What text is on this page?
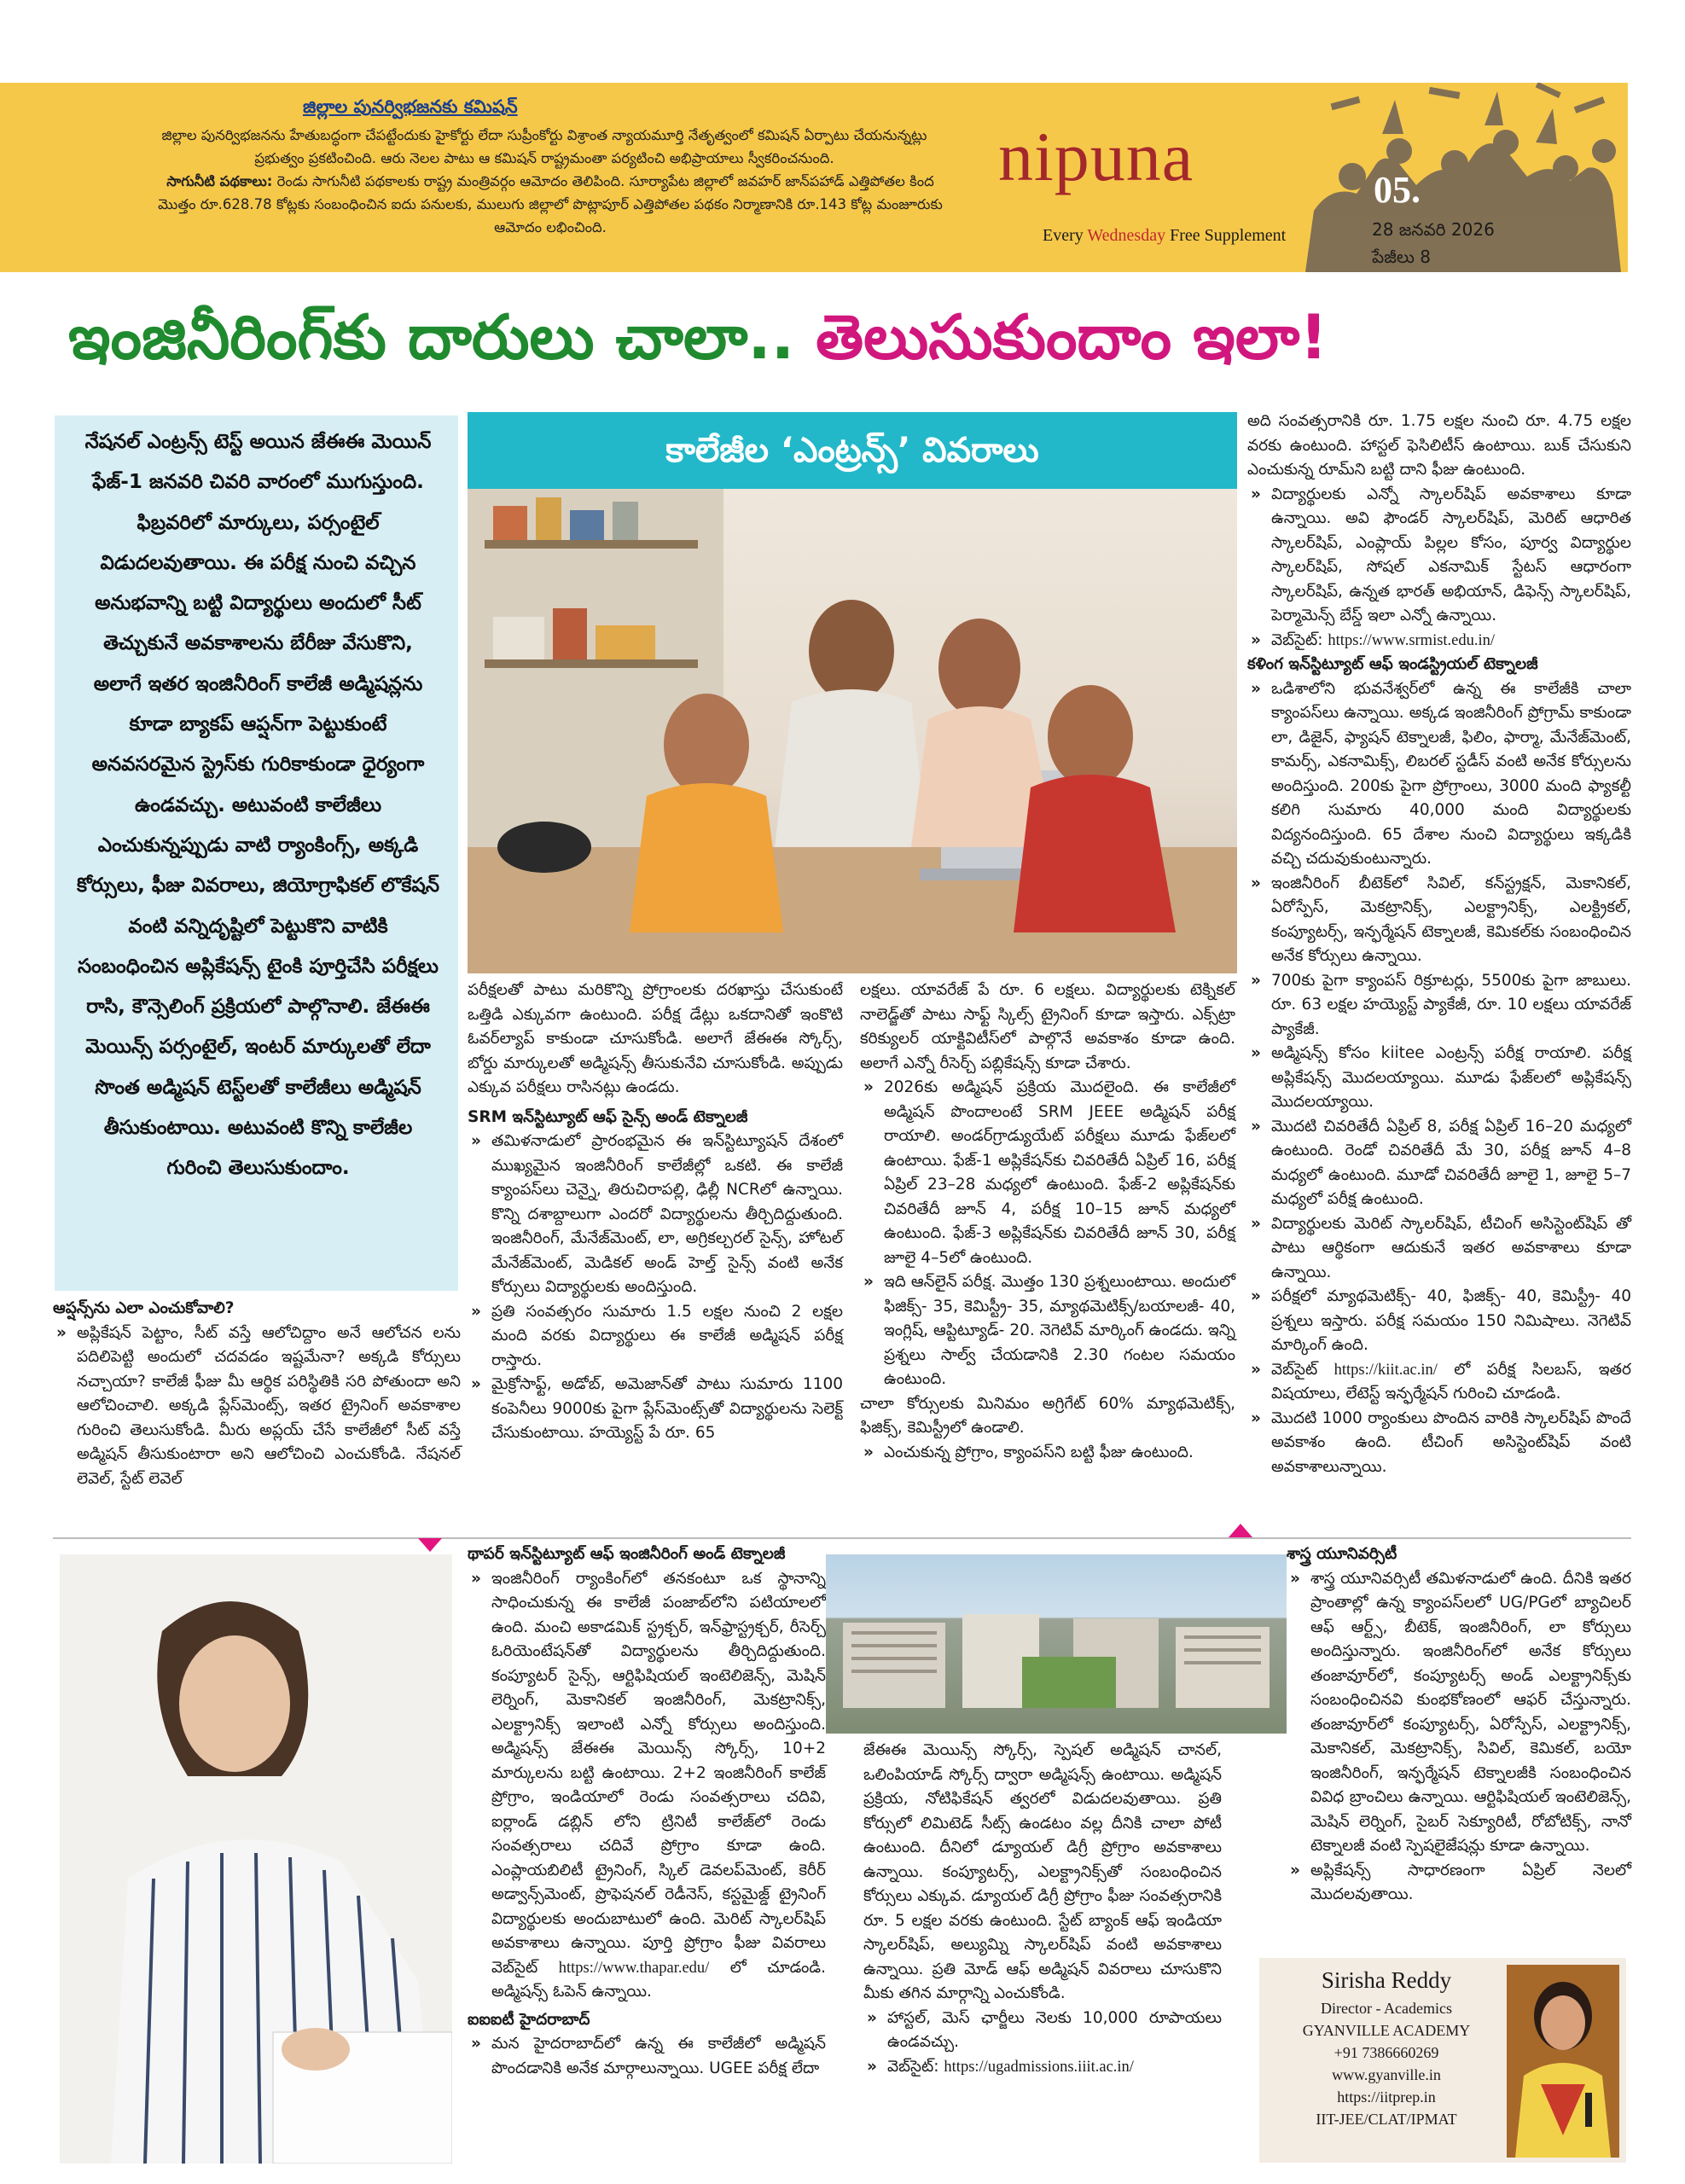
జిల్లాల పునర్విభజనకు కమిషన్
జిల్లాల పునర్విభజనను హేతుబద్ధంగా చేపట్టేందుకు హైకోర్టు లేదా సుప్రీంకోర్టు విశ్రాంత న్యాయమూర్తి నేతృత్వంలో కమిషన్ ఏర్పాటు చేయనున్నట్లు ప్రభుత్వం ప్రకటించింది. ఆరు నెలల పాటు ఆ కమిషన్ రాష్ట్రమంతా పర్యటించి అభిప్రాయాలు స్వీకరించనుంది.
సాగునీటి పథకాలు: రెండు సాగునీటి పథకాలకు రాష్ట్ర మంత్రివర్గం ఆమోదం తెలిపింది. సూర్యాపేట జిల్లాలో జవహర్ జాన్‌పహాడ్ ఎత్తిపోతల కింద మొత్తం రూ.628.78 కోట్లకు సంబంధించిన ఐదు పనులకు, ములుగు జిల్లాలో పొట్లాపూర్ ఎత్తిపోతల పథకం నిర్మాణానికి రూ.143 కోట్ల మంజూరుకు ఆమోదం లభించింది.
nipuna
Every Wednesday Free Supplement
05.
28 జనవరి 2026
పేజీలు 8
ఇంజినీరింగ్‌కు దారులు చాలా.. తెలుసుకుందాం ఇలా!
నేషనల్ ఎంట్రన్స్ టెస్ట్ అయిన జేఈఈ మెయిన్ ఫేజ్-1 జనవరి చివరి వారంలో ముగుస్తుంది. ఫిబ్రవరిలో మార్కులు, పర్సంటైల్ విడుదలవుతాయి. ఈ పరీక్ష నుంచి వచ్చిన అనుభవాన్ని బట్టి విద్యార్థులు అందులో సీట్ తెచ్చుకునే అవకాశాలను బేరీజు వేసుకొని, అలాగే ఇతర ఇంజినీరింగ్ కాలేజీ అడ్మిషన్లను కూడా బ్యాకప్ ఆప్షన్‌గా పెట్టుకుంటే అనవసరమైన స్ట్రెస్‌కు గురికాకుండా ధైర్యంగా ఉండవచ్చు. అటువంటి కాలేజీలు ఎంచుకున్నప్పుడు వాటి ర్యాంకింగ్స్, అక్కడి కోర్సులు, ఫీజు వివరాలు, జియోగ్రాఫికల్ లొకేషన్ వంటి వన్నిదృష్టిలో పెట్టుకొని వాటికి సంబంధించిన అప్లికేషన్స్ టైంకి పూర్తిచేసి పరీక్షలు రాసి, కౌన్సెలింగ్ ప్రక్రియలో పాల్గొనాలి. జేఈఈ మెయిన్స్ పర్సంటైల్, ఇంటర్ మార్కులతో లేదా సొంత అడ్మిషన్ టెస్ట్‌లతో కాలేజీలు అడ్మిషన్ తీసుకుంటాయి. అటువంటి కొన్ని కాలేజీల గురించి తెలుసుకుందాం.
ఆప్షన్స్‌ను ఎలా ఎంచుకోవాలి?

» అప్లికేషన్ పెట్టాం, సీట్ వస్తే ఆలోచిద్దాం అనే ఆలోచన లను పదిలిపెట్టి అందులో చదవడం ఇష్టమేనా? అక్కడి కోర్సులు నచ్చాయా? కాలేజీ ఫీజు మీ ఆర్థిక పరిస్థితికి సరి పోతుందా అని ఆలోచించాలి. అక్కడి ప్లేస్‌మెంట్స్, ఇతర ట్రైనింగ్ అవకాశాల గురించి తెలుసుకోండి. మీరు అప్లయ్ చేసే కాలేజీలో సీట్ వస్తే అడ్మిషన్ తీసుకుంటారా అని ఆలోచించి ఎంచుకోండి. నేషనల్ లెవెల్, స్టేట్ లెవెల్

కాలేజీల ‘ఎంట్రన్స్’ వివరాలు

పరీక్షలతో పాటు మరికొన్ని ప్రోగ్రాంలకు దరఖాస్తు చేసుకుంటే ఒత్తిడి ఎక్కువగా ఉంటుంది. పరీక్ష డేట్లు ఒకదానితో ఇంకొటి ఓవర్‌ల్యాప్ కాకుండా చూసుకోండి. అలాగే జేఈఈ స్కోర్స్, బోర్డు మార్కులతో అడ్మిషన్స్ తీసుకునేవి చూసుకోండి. అప్పుడు ఎక్కువ పరీక్షలు రాసినట్లు ఉండదు.

SRM ఇన్‌స్టిట్యూట్ ఆఫ్ సైన్స్ అండ్ టెక్నాలజీ

» తమిళనాడులో ప్రారంభమైన ఈ ఇన్‌స్టిట్యూషన్ దేశంలో ముఖ్యమైన ఇంజినీరింగ్ కాలేజీల్లో ఒకటి. ఈ కాలేజీ క్యాంపస్‌లు చెన్నై, తిరుచిరాపల్లి, ఢిల్లీ NCRలో ఉన్నాయి. కొన్ని దశాబ్దాలుగా ఎందరో విద్యార్థులను తీర్చిదిద్దుతుంది. ఇంజినీరింగ్, మేనేజ్‌మెంట్, లా, అగ్రికల్చరల్ సైన్స్, హోటల్ మేనేజ్‌మెంట్, మెడికల్ అండ్ హెల్త్ సైన్స్ వంటి అనేక కోర్సులు విద్యార్థులకు అందిస్తుంది.

» ప్రతి సంవత్సరం సుమారు 1.5 లక్షల నుంచి 2 లక్షల మంది వరకు విద్యార్థులు ఈ కాలేజీ అడ్మిషన్ పరీక్ష రాస్తారు.

» మైక్రోసాఫ్ట్, అడోబ్, అమెజాన్‌తో పాటు సుమారు 1100 కంపెనీలు 9000కు పైగా ప్లేస్‌మెంట్స్‌తో విద్యార్థులను సెలెక్ట్ చేసుకుంటాయి. హయ్యెస్ట్ పే రూ. 65

లక్షలు. యావరేజ్ పే రూ. 6 లక్షలు. విద్యార్థులకు టెక్నికల్ నాలెడ్జ్‌తో పాటు సాఫ్ట్ స్కిల్స్ ట్రైనింగ్ కూడా ఇస్తారు. ఎక్స్‌ట్రా కరిక్యులర్ యాక్టివిటీస్‌లో పాల్గొనే అవకాశం కూడా ఉంది. అలాగే ఎన్నో రీసెర్చ్ పబ్లికేషన్స్ కూడా చేశారు.

» 2026కు అడ్మిషన్ ప్రక్రియ మొదలైంది. ఈ కాలేజీలో అడ్మిషన్ పొందాలంటే SRM JEEE అడ్మిషన్ పరీక్ష రాయాలి. అండర్‌గ్రాడ్యుయేట్ పరీక్షలు మూడు ఫేజ్‌లలో ఉంటాయి. ఫేజ్-1 అప్లికేషన్‌కు చివరితేదీ ఏప్రిల్ 16, పరీక్ష ఏప్రిల్ 23–28 మధ్యలో ఉంటుంది. ఫేజ్-2 అప్లికేషన్‌కు చివరితేదీ జూన్ 4, పరీక్ష 10–15 జూన్ మధ్యలో ఉంటుంది. ఫేజ్-3 అప్లికేషన్‌కు చివరితేదీ జూన్ 30, పరీక్ష జూలై 4–5లో ఉంటుంది.

» ఇది ఆన్‌లైన్ పరీక్ష. మొత్తం 130 ప్రశ్నలుంటాయి. అందులో ఫిజిక్స్- 35, కెమిస్ట్రీ- 35, మ్యాథమెటిక్స్/బయాలజీ- 40, ఇంగ్లిష్, ఆప్టిట్యూడ్- 20. నెగెటివ్ మార్కింగ్ ఉండదు. ఇన్ని ప్రశ్నలు సాల్వ్ చేయడానికి 2.30 గంటల సమయం ఉంటుంది.

చాలా కోర్సులకు మినిమం అగ్రిగేట్ 60% మ్యాథమెటిక్స్, ఫిజిక్స్, కెమిస్ట్రీలో ఉండాలి.

» ఎంచుకున్న ప్రోగ్రాం, క్యాంపస్‌ని బట్టి ఫీజు ఉంటుంది.

అది సంవత్సరానికి రూ. 1.75 లక్షల నుంచి రూ. 4.75 లక్షల వరకు ఉంటుంది. హాస్టల్ ఫెసిలిటీస్ ఉంటాయి. బుక్ చేసుకుని ఎంచుకున్న రూమ్‌ని బట్టి దాని ఫీజు ఉంటుంది.

» విద్యార్థులకు ఎన్నో స్కాలర్‌షిప్ అవకాశాలు కూడా ఉన్నాయి. అవి ఫౌండర్ స్కాలర్‌షిప్, మెరిట్ ఆధారిత స్కాలర్‌షిప్, ఎంప్లాయ్ పిల్లల కోసం, పూర్వ విద్యార్థుల స్కాలర్‌షిప్, సోషల్ ఎకనామిక్ స్టేటస్ ఆధారంగా స్కాలర్‌షిప్, ఉన్నత భారత్ అభియాన్, డిఫెన్స్ స్కాలర్‌షిప్, పెర్మామెన్స్ బేస్డ్ ఇలా ఎన్నో ఉన్నాయి.

» వెబ్‌సైట్: https://www.srmist.edu.in/

కళింగ ఇన్‌స్టిట్యూట్ ఆఫ్ ఇండస్ట్రియల్ టెక్నాలజీ

» ఒడిశాలోని భువనేశ్వర్‌లో ఉన్న ఈ కాలేజీకి చాలా క్యాంపస్‌లు ఉన్నాయి. అక్కడ ఇంజినీరింగ్ ప్రోగ్రామ్ కాకుండా లా, డిజైన్, ఫ్యాషన్ టెక్నాలజీ, ఫిలిం, ఫార్మా, మేనేజ్‌మెంట్, కామర్స్, ఎకనామిక్స్, లిబరల్ స్టడీస్ వంటి అనేక కోర్సులను అందిస్తుంది. 200కు పైగా ప్రోగ్రాంలు, 3000 మంది ఫ్యాకల్టీ కలిగి సుమారు 40,000 మంది విద్యార్థులకు విద్యనందిస్తుంది. 65 దేశాల నుంచి విద్యార్థులు ఇక్కడికి వచ్చి చదువుకుంటున్నారు.

» ఇంజినీరింగ్ బీటెక్‌లో సివిల్, కన్‌స్ట్రక్షన్, మెకానికల్, ఏరోస్పేస్, మెకట్రానిక్స్, ఎలక్ట్రానిక్స్, ఎలక్ట్రికల్, కంప్యూటర్స్, ఇన్ఫర్మేషన్ టెక్నాలజీ, కెమికల్‌కు సంబంధించిన అనేక కోర్సులు ఉన్నాయి.

» 700కు పైగా క్యాంపస్ రిక్రూటర్లు, 5500కు పైగా జాబులు. రూ. 63 లక్షల హయ్యెస్ట్ ప్యాకేజీ, రూ. 10 లక్షలు యావరేజ్ ప్యాకేజీ.

» అడ్మిషన్స్ కోసం kiitee ఎంట్రన్స్ పరీక్ష రాయాలి. పరీక్ష అప్లికేషన్స్ మొదలయ్యాయి. మూడు ఫేజ్‌లలో అప్లికేషన్స్ మొదలయ్యాయి.

» మొదటి చివరితేదీ ఏప్రిల్ 8, పరీక్ష ఏప్రిల్ 16–20 మధ్యలో ఉంటుంది. రెండో చివరితేదీ మే 30, పరీక్ష జూన్ 4–8 మధ్యలో ఉంటుంది. మూడో చివరితేదీ జూలై 1, జూలై 5–7 మధ్యలో పరీక్ష ఉంటుంది.

» విద్యార్థులకు మెరిట్ స్కాలర్‌షిప్, టీచింగ్ అసిస్టెంట్‌షిప్ తో పాటు ఆర్థికంగా ఆదుకునే ఇతర అవకాశాలు కూడా ఉన్నాయి.

» పరీక్షలో మ్యాథమెటిక్స్- 40, ఫిజిక్స్- 40, కెమిస్ట్రీ- 40 ప్రశ్నలు ఇస్తారు. పరీక్ష సమయం 150 నిమిషాలు. నెగెటివ్ మార్కింగ్ ఉంది.

» వెబ్‌సైట్ https://kiit.ac.in/ లో పరీక్ష సిలబస్, ఇతర విషయాలు, లేటెస్ట్ ఇన్ఫర్మేషన్ గురించి చూడండి.

» మొదటి 1000 ర్యాంకులు పొందిన వారికి స్కాలర్‌షిప్ పొందే అవకాశం ఉంది. టీచింగ్ అసిస్టెంట్‌షిప్ వంటి అవకాశాలున్నాయి.

థాపర్ ఇన్‌స్టిట్యూట్ ఆఫ్ ఇంజినీరింగ్ అండ్ టెక్నాలజీ

» ఇంజినీరింగ్ ర్యాంకింగ్‌లో తనకంటూ ఒక స్థానాన్ని సాధించుకున్న ఈ కాలేజీ పంజాబ్‌లోని పటియాలలో ఉంది. మంచి అకాడమిక్ స్ట్రక్చర్, ఇన్‌ఫ్రాస్ట్రక్చర్, రీసెర్చ్ ఓరియెంటేషన్‌తో విద్యార్థులను తీర్చిదిద్దుతుంది. కంప్యూటర్ సైన్స్, ఆర్టిఫిషియల్ ఇంటెలిజెన్స్, మెషిన్ లెర్నింగ్, మెకానికల్ ఇంజినీరింగ్, మెకట్రానిక్స్, ఎలక్ట్రానిక్స్ ఇలాంటి ఎన్నో కోర్సులు అందిస్తుంది. అడ్మిషన్స్ జేఈఈ మెయిన్స్ స్కోర్స్, 10+2 మార్కులను బట్టి ఉంటాయి. 2+2 ఇంజినీరింగ్ కాలేజ్ ప్రోగ్రాం, ఇండియాలో రెండు సంవత్సరాలు చదివి, ఐర్లాండ్ డబ్లిన్ లోని ట్రినిటీ కాలేజ్‌లో రెండు సంవత్సరాలు చదివే ప్రోగ్రాం కూడా ఉంది. ఎంప్లాయబిలిటీ ట్రైనింగ్, స్కిల్ డెవలప్‌మెంట్, కెరీర్ అడ్వాన్స్‌మెంట్, ప్రొఫెషనల్ రెడీనెస్, కస్టమైజ్డ్ ట్రైనింగ్ విద్యార్థులకు అందుబాటులో ఉంది. మెరిట్ స్కాలర్‌షిప్ అవకాశాలు ఉన్నాయి. పూర్తి ప్రోగ్రాం ఫీజు వివరాలు వెబ్‌సైట్ https://www.thapar.edu/ లో చూడండి. అడ్మిషన్స్ ఓపెన్ ఉన్నాయి.

ఐఐఐటీ హైదరాబాద్

» మన హైదరాబాద్‌లో ఉన్న ఈ కాలేజీలో అడ్మిషన్ పొందడానికి అనేక మార్గాలున్నాయి. UGEE పరీక్ష లేదా

జేఈఈ మెయిన్స్ స్కోర్స్, స్పెషల్ అడ్మిషన్ చానల్, ఒలింపియాడ్ స్కోర్స్ ద్వారా అడ్మిషన్స్ ఉంటాయి. అడ్మిషన్ ప్రక్రియ, నోటిఫికేషన్ త్వరలో విడుదలవుతాయి. ప్రతి కోర్సులో లిమిటెడ్ సీట్స్ ఉండటం వల్ల దీనికి చాలా పోటీ ఉంటుంది. దీనిలో డ్యూయల్ డిగ్రీ ప్రోగ్రాం అవకాశాలు ఉన్నాయి. కంప్యూటర్స్, ఎలక్ట్రానిక్స్‌తో సంబంధించిన కోర్సులు ఎక్కువ. డ్యూయల్ డిగ్రీ ప్రోగ్రాం ఫీజు సంవత్సరానికి రూ. 5 లక్షల వరకు ఉంటుంది. స్టేట్ బ్యాంక్ ఆఫ్ ఇండియా స్కాలర్‌షిప్, అల్యుమ్ని స్కాలర్‌షిప్ వంటి అవకాశాలు ఉన్నాయి. ప్రతి మోడ్ ఆఫ్ అడ్మిషన్ వివరాలు చూసుకొని మీకు తగిన మార్గాన్ని ఎంచుకోండి.

» హాస్టల్, మెస్ ఛార్జీలు నెలకు 10,000 రూపాయలు ఉండవచ్చు.

» వెబ్‌సైట్: https://ugadmissions.iiit.ac.in/

శాస్త్ర యూనివర్సిటీ

» శాస్త్ర యూనివర్సిటీ తమిళనాడులో ఉంది. దీనికి ఇతర ప్రాంతాల్లో ఉన్న క్యాంపస్‌లలో UG/PGలో బ్యాచిలర్ ఆఫ్ ఆర్ట్స్, బీటెక్, ఇంజినీరింగ్, లా కోర్సులు అందిస్తున్నారు. ఇంజినీరింగ్‌లో అనేక కోర్సులు తంజావూర్‌లో, కంప్యూటర్స్ అండ్ ఎలక్ట్రానిక్స్‌కు సంబంధించినవి కుంభకోణంలో ఆఫర్ చేస్తున్నారు. తంజావూర్‌లో కంప్యూటర్స్, ఏరోస్పేస్, ఎలక్ట్రానిక్స్, మెకానికల్, మెకట్రానిక్స్, సివిల్, కెమికల్, బయో ఇంజినీరింగ్, ఇన్ఫర్మేషన్ టెక్నాలజీకి సంబంధించిన వివిధ బ్రాంచిలు ఉన్నాయి. ఆర్టిఫిషియల్ ఇంటెలిజెన్స్, మెషిన్ లెర్నింగ్, సైబర్ సెక్యూరిటీ, రోబోటిక్స్, నానో టెక్నాలజీ వంటి స్పెషలైజేషన్లు కూడా ఉన్నాయి.

» అప్లికేషన్స్ సాధారణంగా ఏప్రిల్ నెలలో మొదలవుతాయి.

Sirisha Reddy
Director - Academics
GYANVILLE ACADEMY
+91 7386660269
www.gyanville.in
https://iitprep.in
IIT-JEE/CLAT/IPMAT
